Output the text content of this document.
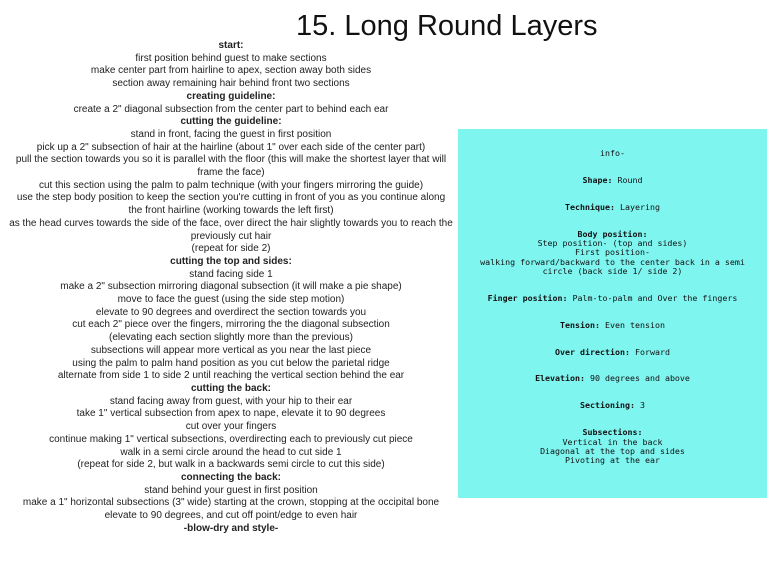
15. Long Round Layers
start:
first position behind guest to make sections
make center part from hairline to apex, section away both sides
section away remaining hair behind front two sections
creating guideline:
create a 2" diagonal subsection from the center part to behind each ear
cutting the guideline:
stand in front, facing the guest in first position
pick up a 2" subsection of hair at the hairline (about 1" over each side of the center part)
pull the section towards you so it is parallel with the floor (this will make the shortest layer that will
frame the face)
cut this section using the palm to palm technique (with your fingers mirroring the guide)
use the step body position to keep the section you're cutting in front of you as you continue along
the front hairline (working towards the left first)
as the head curves towards the side of the face, over direct the hair slightly towards you to reach the
previously cut hair
(repeat for side 2)
cutting the top and sides:
stand facing side 1
make a 2" subsection mirroring diagonal subsection (it will make a pie shape)
move to face the guest (using the side step motion)
elevate to 90 degrees and overdirect the section towards you
cut each 2" piece over the fingers, mirroring the the diagonal subsection
(elevating each section slightly more than the previous)
subsections will appear more vertical as you near the last piece
using the palm to palm hand position as you cut below the parietal ridge
alternate from side 1 to side 2 until reaching the vertical section behind the ear
cutting the back:
stand facing away from guest, with your hip to their ear
take 1" vertical subsection from apex to nape, elevate it to 90 degrees
cut over your fingers
continue making 1" vertical subsections, overdirecting each to previously cut piece
walk in a semi circle around the head to cut side 1
(repeat for side 2, but walk in a backwards semi circle to cut this side)
connecting the back:
stand behind your guest in first position
make a 1" horizontal subsections (3" wide) starting at the crown, stopping at the occipital bone
elevate to 90 degrees, and cut off point/edge to even hair
-blow-dry and style-
info-
Shape: Round
Technique: Layering
Body position:
Step position- (top and sides)
First position-
walking forward/backward to the center back in a semi
circle (back side 1/ side 2)
Finger position: Palm-to-palm and Over the fingers
Tension: Even tension
Over direction: Forward
Elevation: 90 degrees and above
Sectioning: 3
Subsections:
Vertical in the back
Diagonal at the top and sides
Pivoting at the ear
